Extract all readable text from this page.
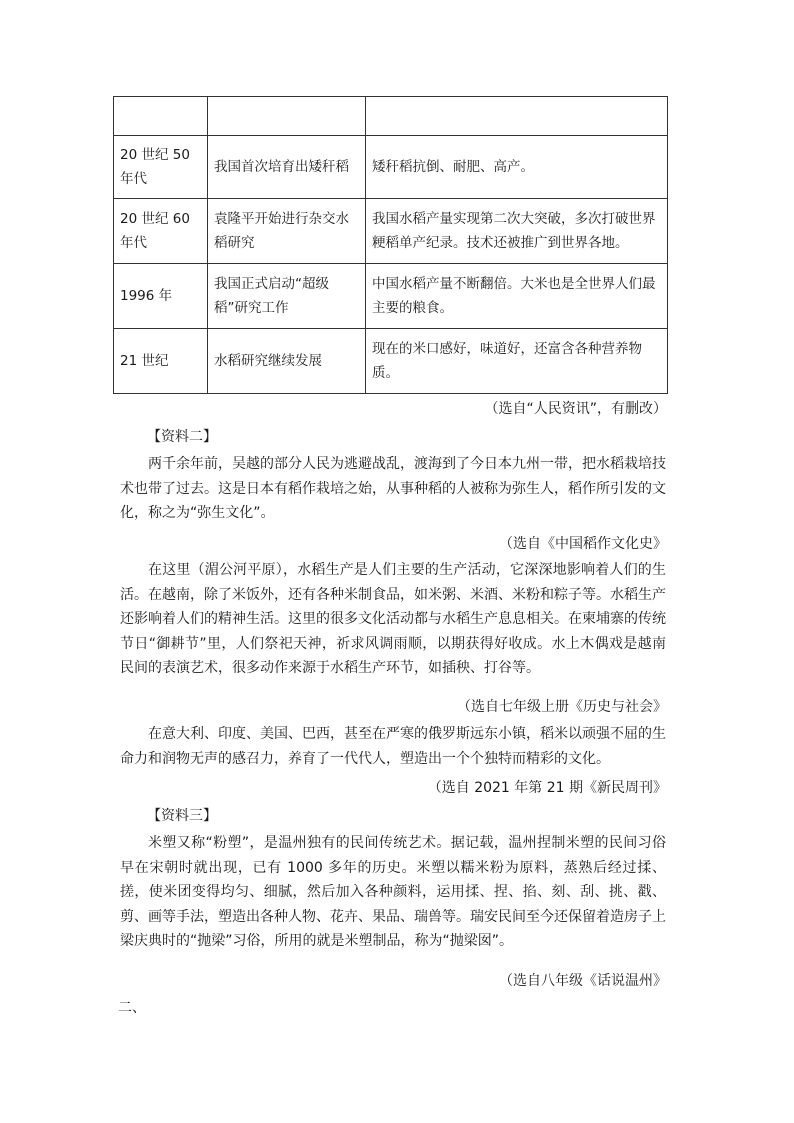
20 世纪 50 年代	我国首次培育出矮秆稻	矮秆稻抗倒、耐肥、高产。
20 世纪 60 年代	袁隆平开始进行杂交水稻研究	我国水稻产量实现第二次大突破，多次打破世界粳稻单产纪录。技术还被推广到世界各地。
1996 年	我国正式启动“超级稻”研究工作	中国水稻产量不断翻倍。大米也是全世界人们最主要的粮食。
21 世纪	水稻研究继续发展	现在的米口感好，味道好，还富含各种营养物质。
（选自“人民资讯”，有删改）
【资料二】
两千余年前，吴越的部分人民为逃避战乱，渡海到了今日本九州一带，把水稻栽培技术也带了过去。这是日本有稻作栽培之始，从事种稻的人被称为弥生人，稻作所引发的文化，称之为“弥生文化”。
（选自《中国稻作文化史》
在这里（湄公河平原），水稻生产是人们主要的生产活动，它深深地影响着人们的生活。在越南，除了米饭外，还有各种米制食品，如米粥、米酒、米粉和粽子等。水稻生产还影响着人们的精神生活。这里的很多文化活动都与水稻生产息息相关。在柬埔寨的传统节日“御耕节”里，人们祭祀天神，祈求风调雨顺，以期获得好收成。水上木偶戏是越南民间的表演艺术，很多动作来源于水稻生产环节，如插秧、打谷等。
（选自七年级上册《历史与社会》
在意大利、印度、美国、巴西，甚至在严寒的俄罗斯远东小镇，稻米以顽强不屈的生命力和润物无声的感召力，养育了一代代人，塑造出一个个独特而精彩的文化。
（选自 2021 年第 21 期《新民周刊》
【资料三】
米塑又称“粉塑”，是温州独有的民间传统艺术。据记载，温州捏制米塑的民间习俗早在宋朝时就出现，已有 1000 多年的历史。米塑以糯米粉为原料，蒸熟后经过揉、搓，使米团变得均匀、细腻，然后加入各种颜料，运用揉、捏、掐、刻、刮、挑、戳、剪、画等手法，塑造出各种人物、花卉、果品、瑞兽等。瑞安民间至今还保留着造房子上梁庆典时的“抛梁”习俗，所用的就是米塑制品，称为“抛梁囡”。
（选自八年级《话说温州》
二、
